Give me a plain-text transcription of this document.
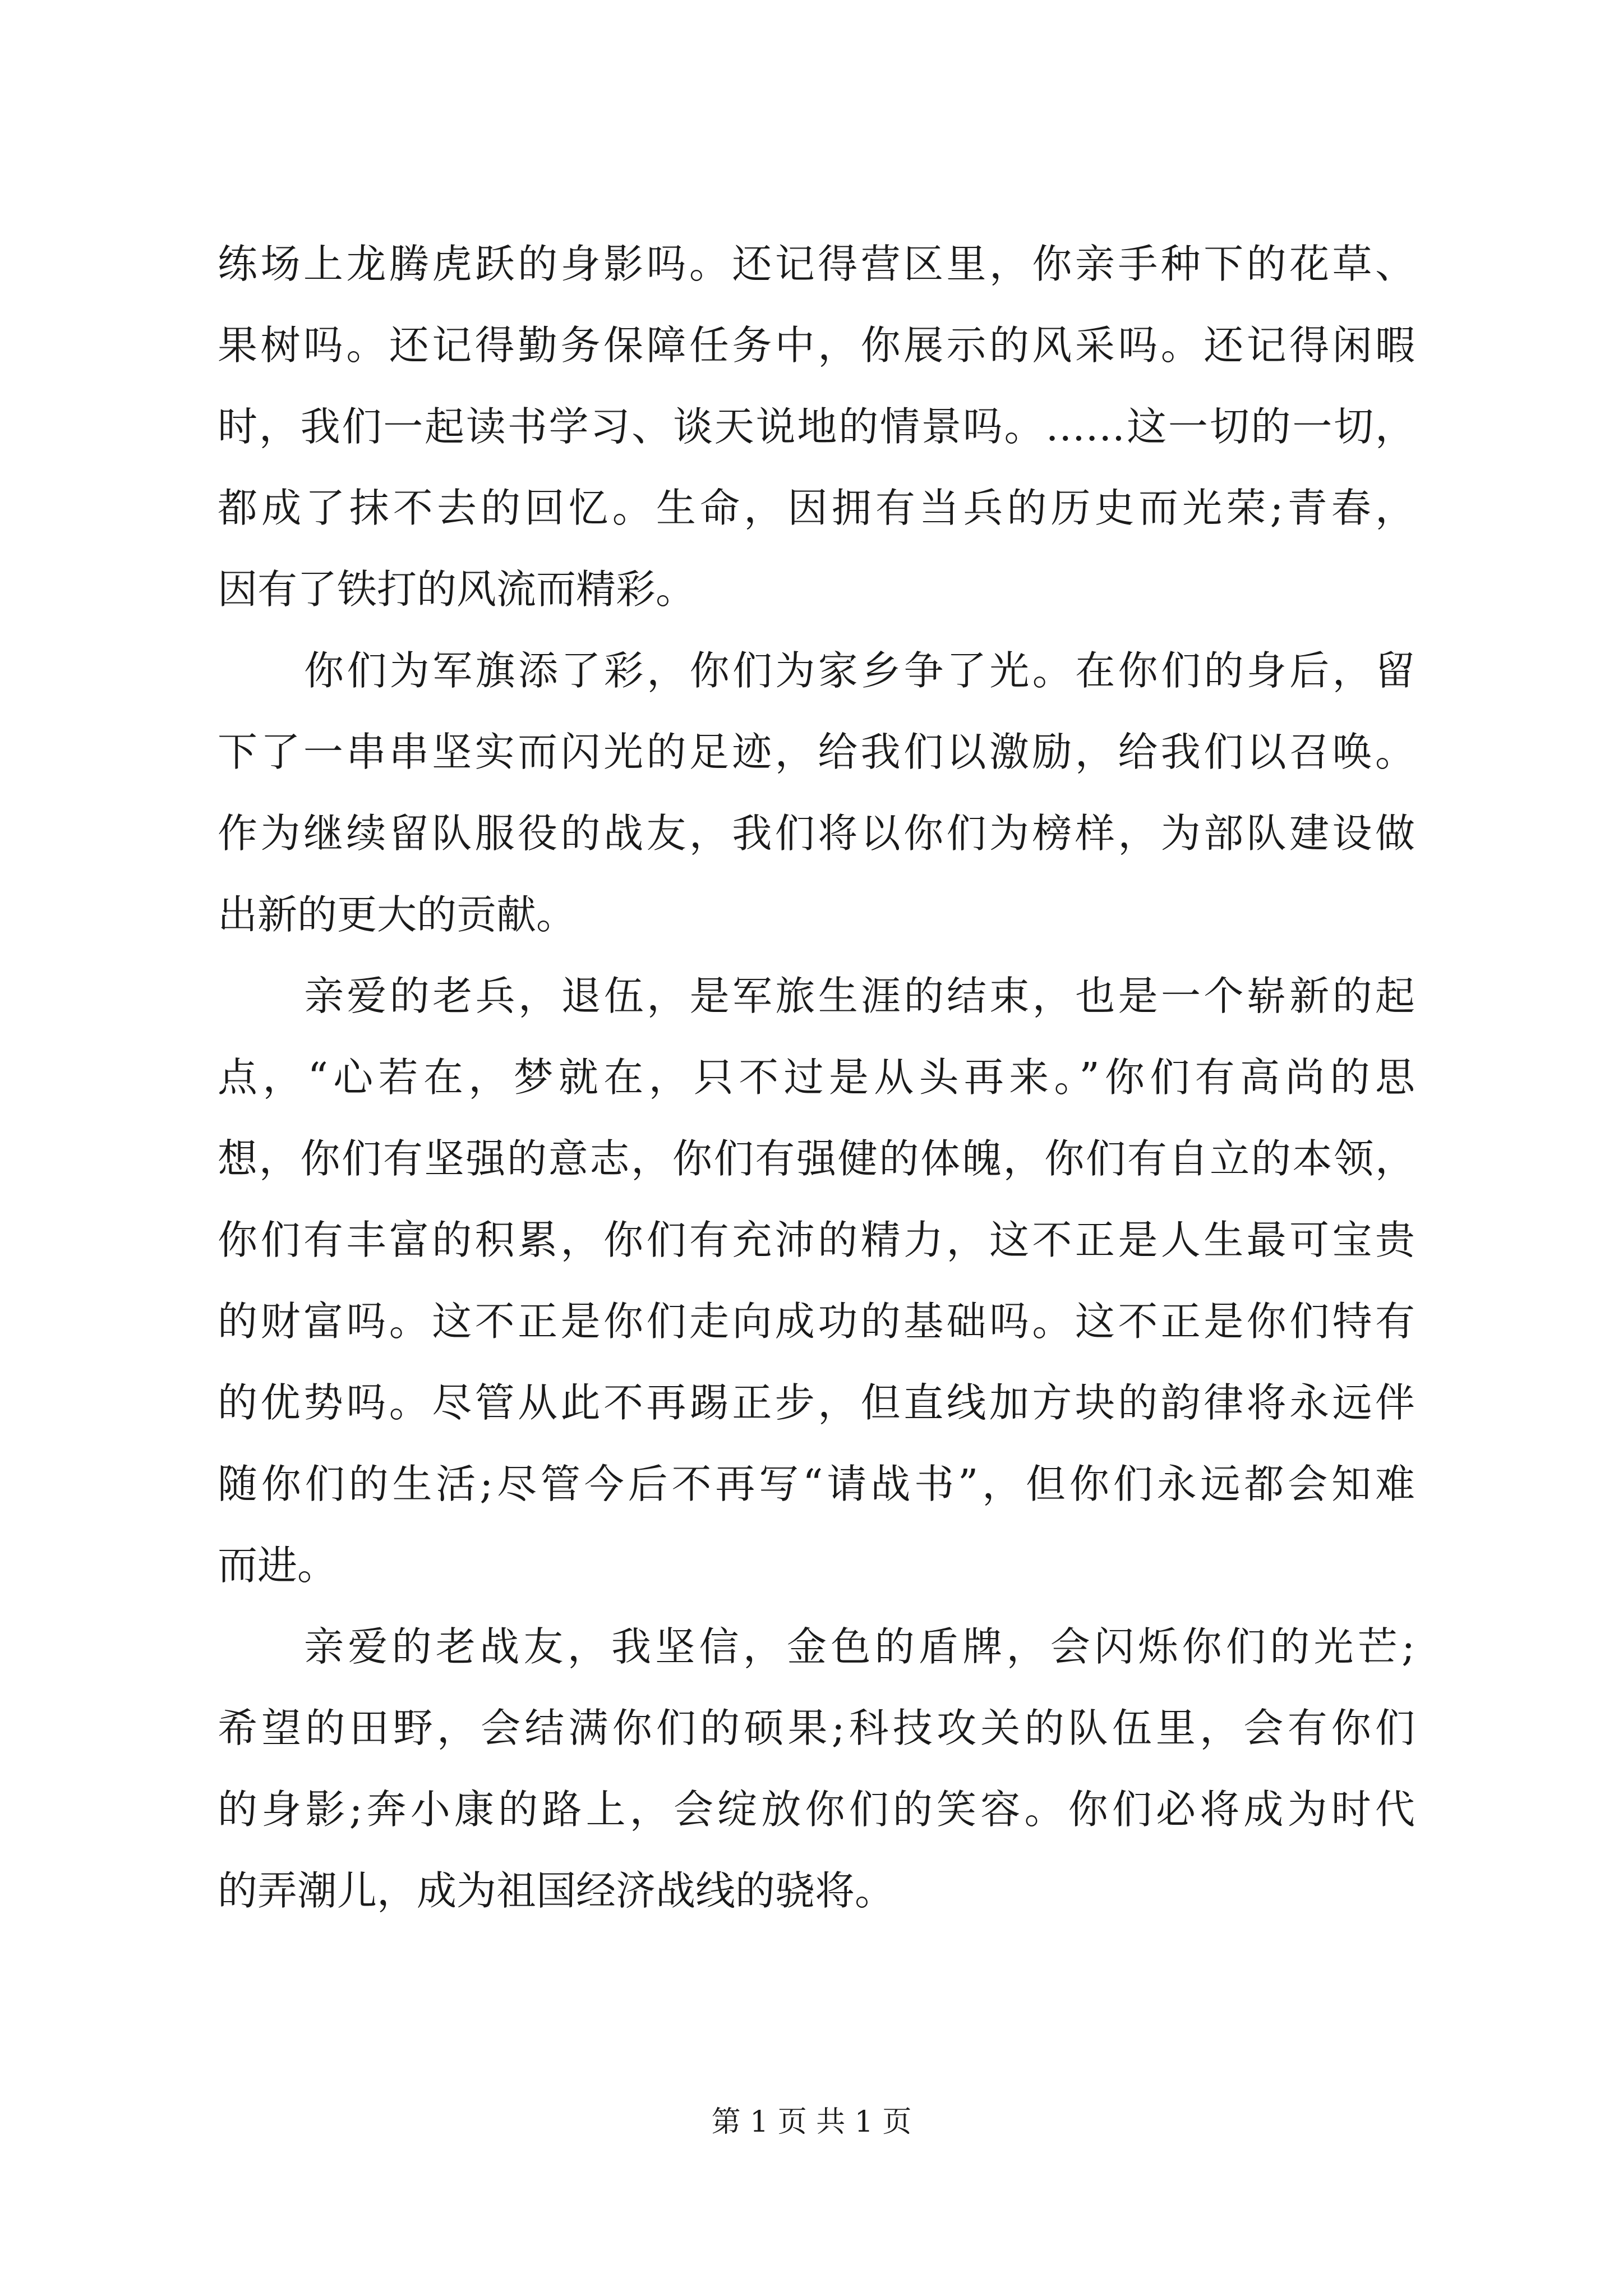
练场上龙腾虎跃的身影吗。还记得营区里，你亲手种下的花草、
果树吗。还记得勤务保障任务中，你展示的风采吗。还记得闲暇
时，我们一起读书学习、谈天说地的情景吗。……这一切的一切，
都成了抹不去的回忆。生命，因拥有当兵的历史而光荣;青春，
因有了铁打的风流而精彩。
你们为军旗添了彩，你们为家乡争了光。在你们的身后，留
下了一串串坚实而闪光的足迹，给我们以激励，给我们以召唤。
作为继续留队服役的战友，我们将以你们为榜样，为部队建设做
出新的更大的贡献。
亲爱的老兵，退伍，是军旅生涯的结束，也是一个崭新的起
点，“心若在，梦就在，只不过是从头再来。”你们有高尚的思
想，你们有坚强的意志，你们有强健的体魄，你们有自立的本领，
你们有丰富的积累，你们有充沛的精力，这不正是人生最可宝贵
的财富吗。这不正是你们走向成功的基础吗。这不正是你们特有
的优势吗。尽管从此不再踢正步，但直线加方块的韵律将永远伴
随你们的生活;尽管今后不再写“请战书”，但你们永远都会知难
而进。
亲爱的老战友，我坚信，金色的盾牌，会闪烁你们的光芒;
希望的田野，会结满你们的硕果;科技攻关的队伍里，会有你们
的身影;奔小康的路上，会绽放你们的笑容。你们必将成为时代
的弄潮儿，成为祖国经济战线的骁将。
第 1 页 共 1 页
